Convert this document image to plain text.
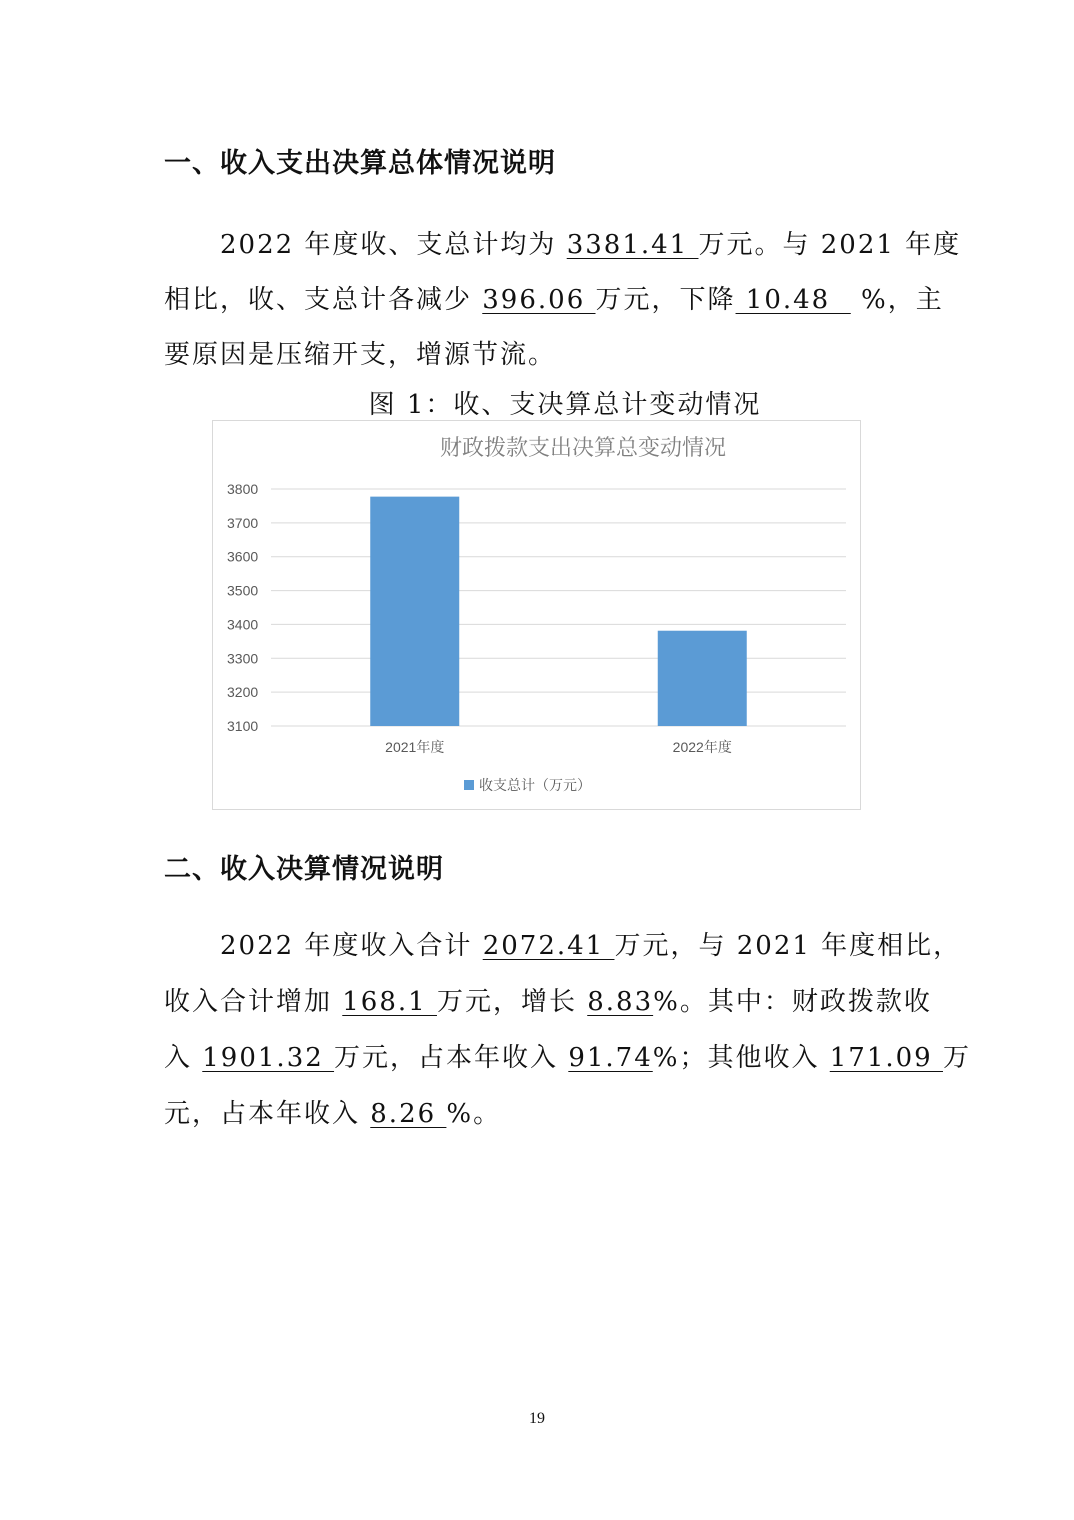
一、收入支出决算总体情况说明

2022 年度收、支总计均为 3381.41 万元。与 2021 年度

相比，收、支总计各减少 396.06 万元，下降 10.48   %，主

要原因是压缩开支，增源节流。

图 1：收、支决算总计变动情况

财政拨款支出决算总变动情况
3100
3200
3300
3400
3500
3600
3700
3800
2021年度	2022年度
收支总计（万元）
二、收入决算情况说明

2022 年度收入合计 2072.41 万元，与 2021 年度相比，

收入合计增加 168.1 万元，增长 8.83%。其中：财政拨款收

入 1901.32 万元，占本年收入 91.74%；其他收入 171.09 万

元，占本年收入 8.26 %。

19
